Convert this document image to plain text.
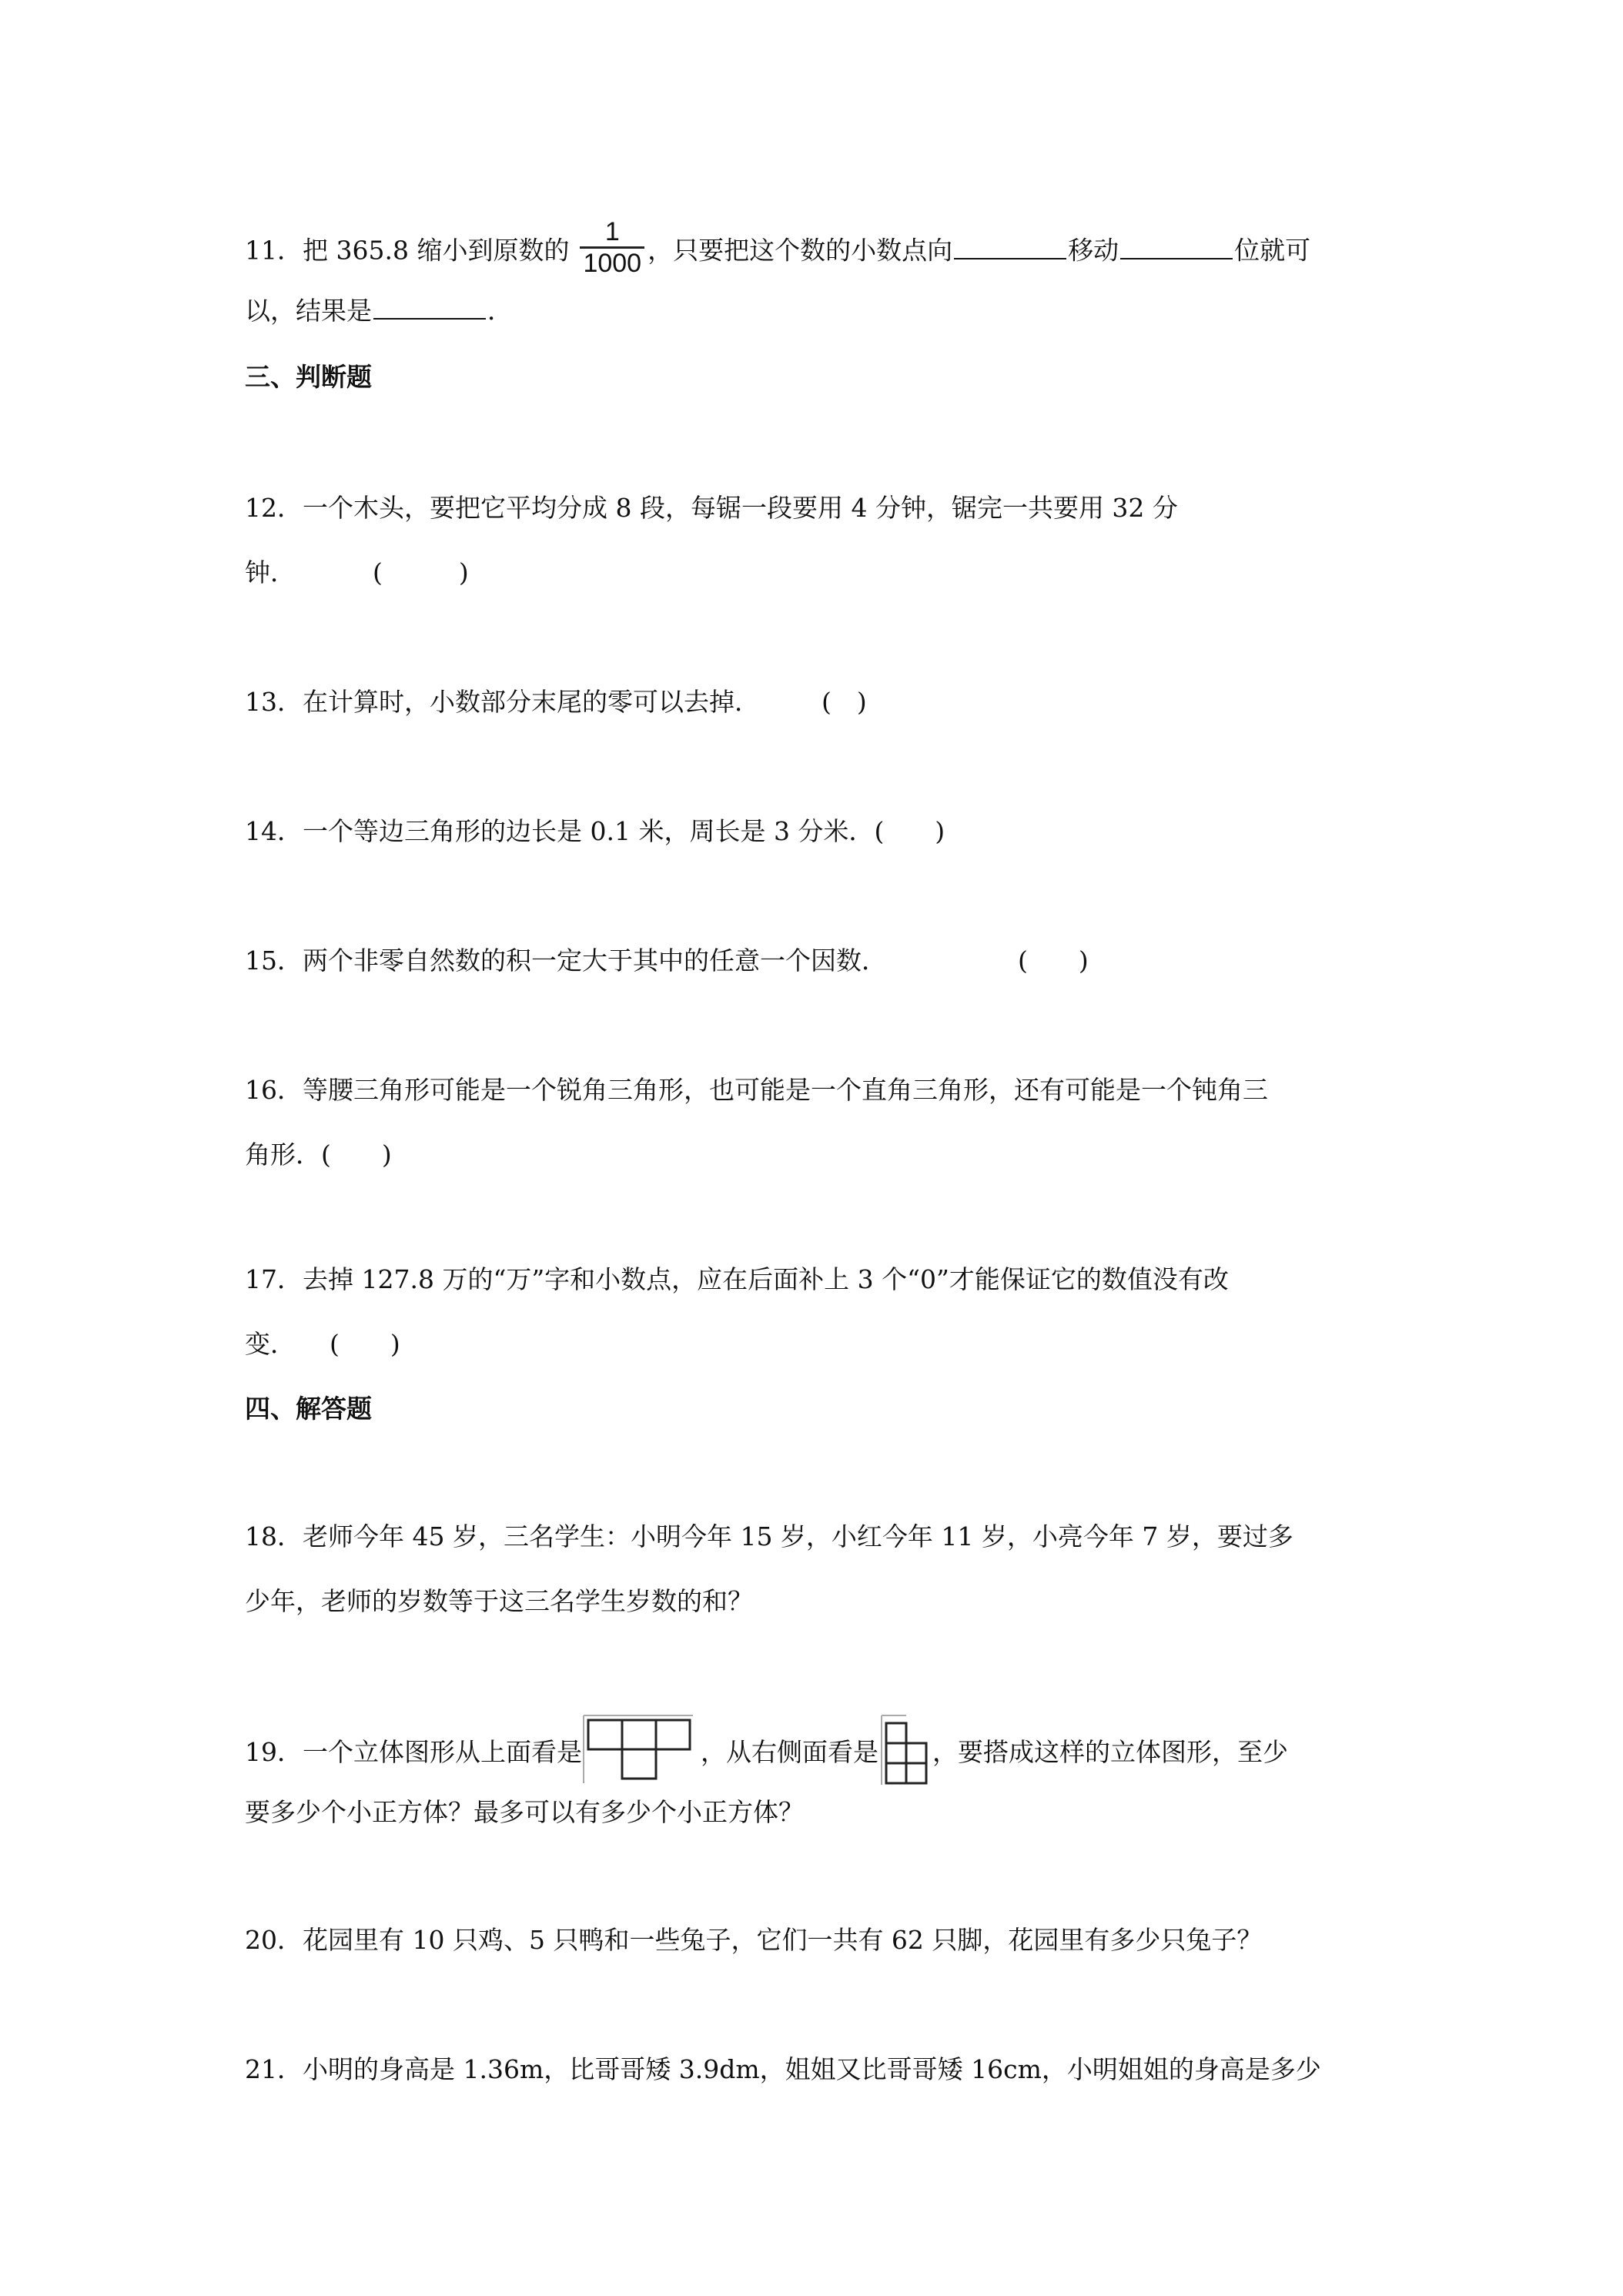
11．把 365.8 缩小到原数的 $\frac{1}{1000}$ ，只要把这个数的小数点向	移动	位就可
以，结果是	．
三、判断题
12．一个木头，要把它平均分成 8 段，每锯一段要用 4 分钟，锯完一共要用 32 分
钟．	(　　　)
13．在计算时，小数部分末尾的零可以去掉． (　)
14．一个等边三角形的边长是 0.1 米，周长是 3 分米．(　　)
15．两个非零自然数的积一定大于其中的任意一个因数．	(　　)
16．等腰三角形可能是一个锐角三角形，也可能是一个直角三角形，还有可能是一个钝角三
角形．(　　)
17．去掉 127.8 万的“万”字和小数点，应在后面补上 3 个“0”才能保证它的数值没有改
变． (　　)
四、解答题
18．老师今年 45 岁，三名学生：小明今年 15 岁，小红今年 11 岁，小亮今年 7 岁，要过多
少年，老师的岁数等于这三名学生岁数的和？
19．一个立体图形从上面看是	，从右侧面看是 ，要搭成这样的立体图形，至少
要多少个小正方体？最多可以有多少个小正方体？
20．花园里有 10 只鸡、5 只鸭和一些兔子，它们一共有 62 只脚，花园里有多少只兔子？
21．小明的身高是 1.36m，比哥哥矮 3.9dm，姐姐又比哥哥矮 16cm，小明姐姐的身高是多少
